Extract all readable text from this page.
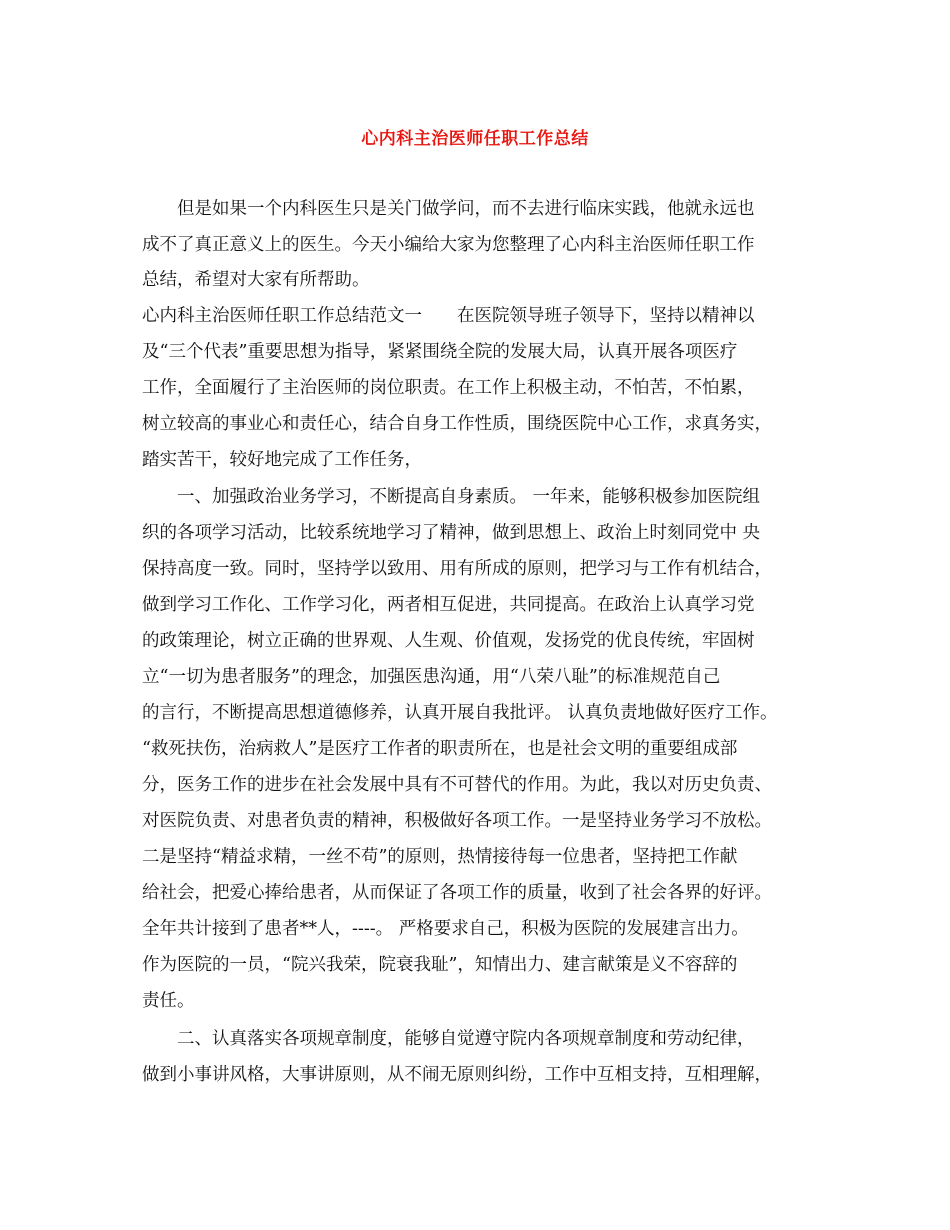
心内科主治医师任职工作总结
但是如果一个内科医生只是关门做学问，而不去进行临床实践，他就永远也
成不了真正意义上的医生。今天小编给大家为您整理了心内科主治医师任职工作
总结，希望对大家有所帮助。
心内科主治医师任职工作总结范文一　　在医院领导班子领导下，坚持以精神以
及“三个代表”重要思想为指导，紧紧围绕全院的发展大局，认真开展各项医疗
工作，全面履行了主治医师的岗位职责。在工作上积极主动，不怕苦，不怕累，
树立较高的事业心和责任心，结合自身工作性质，围绕医院中心工作，求真务实，
踏实苦干，较好地完成了工作任务，
一、加强政治业务学习，不断提高自身素质。 一年来，能够积极参加医院组
织的各项学习活动，比较系统地学习了精神，做到思想上、政治上时刻同党中 央
保持高度一致。同时，坚持学以致用、用有所成的原则，把学习与工作有机结合，
做到学习工作化、工作学习化，两者相互促进，共同提高。在政治上认真学习党
的政策理论，树立正确的世界观、人生观、价值观，发扬党的优良传统，牢固树
立“一切为患者服务”的理念，加强医患沟通，用“八荣八耻”的标准规范自己
的言行，不断提高思想道德修养，认真开展自我批评。 认真负责地做好医疗工作。
“救死扶伤，治病救人”是医疗工作者的职责所在，也是社会文明的重要组成部
分，医务工作的进步在社会发展中具有不可替代的作用。为此，我以对历史负责、
对医院负责、对患者负责的精神，积极做好各项工作。一是坚持业务学习不放松。
二是坚持“精益求精，一丝不苟”的原则，热情接待每一位患者，坚持把工作献
给社会，把爱心捧给患者，从而保证了各项工作的质量，收到了社会各界的好评。
全年共计接到了患者**人，----。 严格要求自己，积极为医院的发展建言出力。
作为医院的一员，“院兴我荣，院衰我耻”，知情出力、建言献策是义不容辞的
责任。
二、认真落实各项规章制度，能够自觉遵守院内各项规章制度和劳动纪律，
做到小事讲风格，大事讲原则，从不闹无原则纠纷，工作中互相支持，互相理解，
